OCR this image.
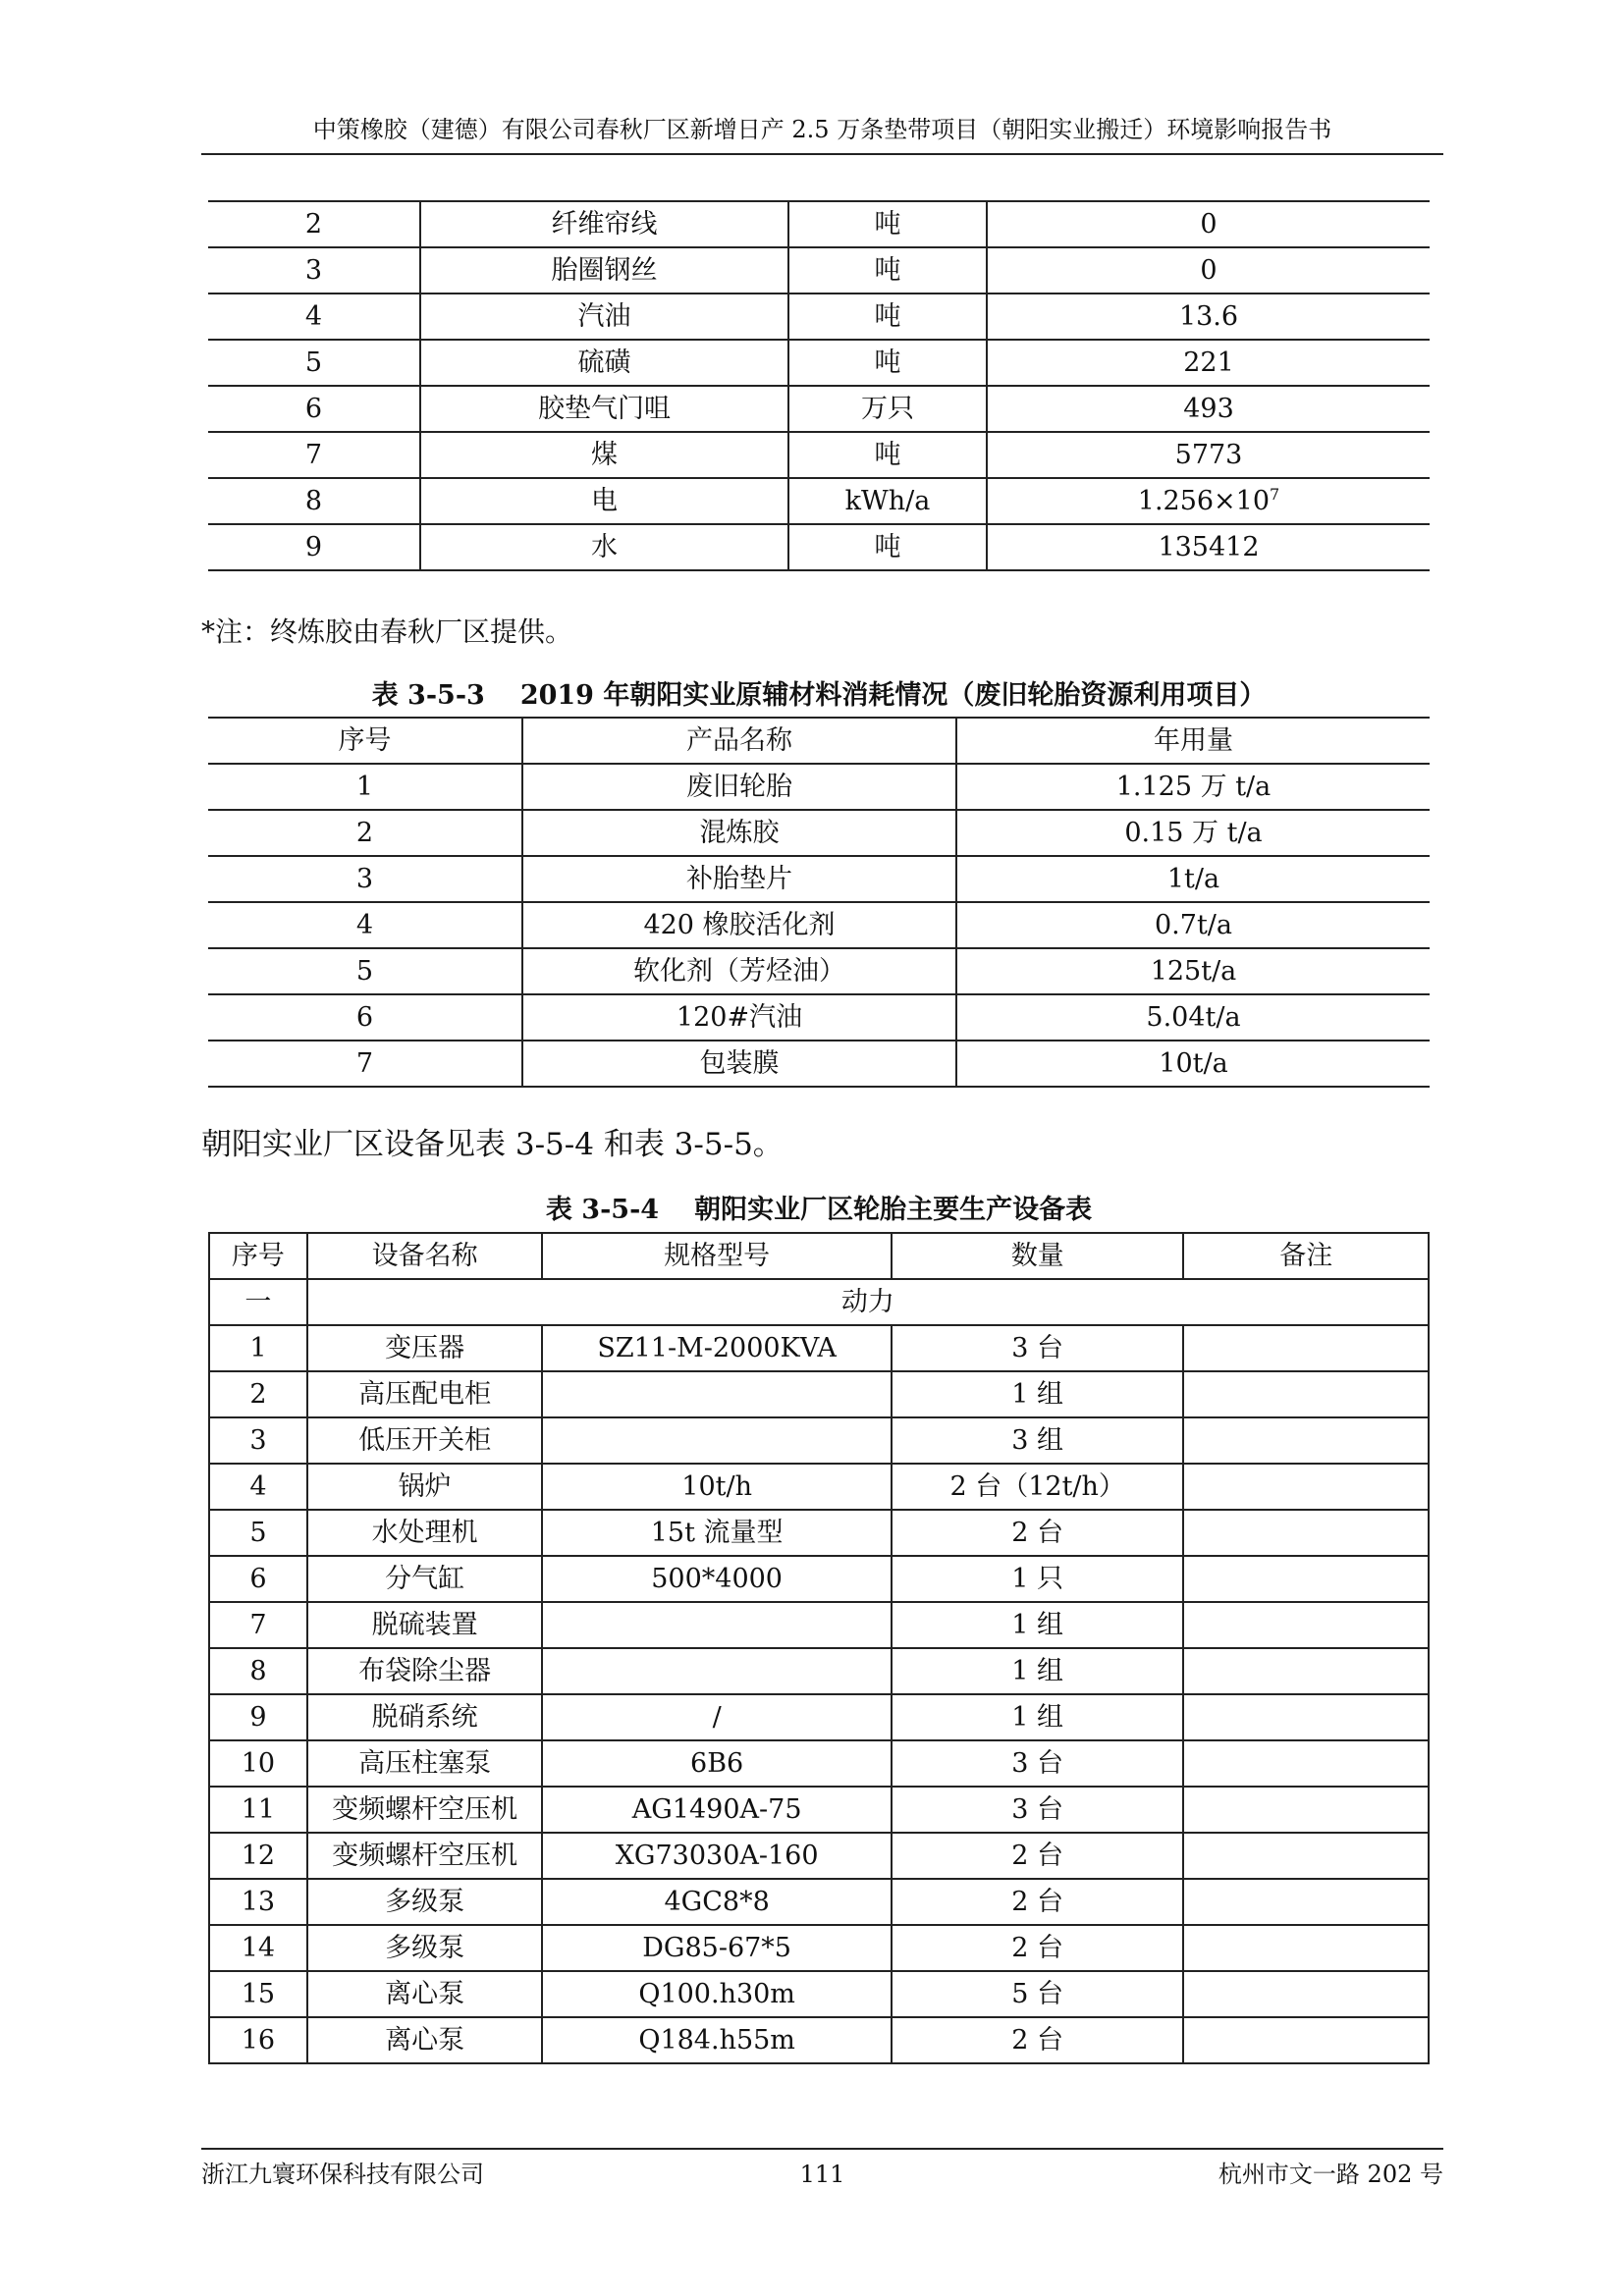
中策橡胶（建德）有限公司春秋厂区新增日产 2.5 万条垫带项目（朝阳实业搬迁）环境影响报告书
2	纤维帘线	吨	0
3	胎圈钢丝	吨	0
4	汽油	吨	13.6
5	硫磺	吨	221
6	胶垫气门咀	万只	493
7	煤	吨	5773
8	电	kWh/a	$1.256\times 10^7$
9	水	吨	135412
*注：终炼胶由春秋厂区提供。
表 3-5-3 2019 年朝阳实业原辅材料消耗情况（废旧轮胎资源利用项目）
序号	产品名称	年用量
1	废旧轮胎	1.125 万 t/a
2	混炼胶	0.15 万 t/a
3	补胎垫片	1t/a
4	420 橡胶活化剂	0.7t/a
5	软化剂（芳烃油）	125t/a
6	120#汽油	5.04t/a
7	包装膜	10t/a
朝阳实业厂区设备见表 3-5-4 和表 3-5-5。
表 3-5-4 朝阳实业厂区轮胎主要生产设备表
序号	设备名称	规格型号	数量	备注
一	动力			
1	变压器	SZ11-M-2000KVA	3 台	
2	高压配电柜		1 组	
3	低压开关柜		3 组	
4	锅炉	10t/h	2 台（12t/h）	
5	水处理机	15t 流量型	2 台	
6	分气缸	500*4000	1 只	
7	脱硫装置		1 组	
8	布袋除尘器		1 组	
9	脱硝系统	/	1 组	
10	高压柱塞泵	6B6	3 台	
11	变频螺杆空压机	AG1490A-75	3 台	
12	变频螺杆空压机	XG73030A-160	2 台	
13	多级泵	4GC8*8	2 台	
14	多级泵	DG85-67*5	2 台	
15	离心泵	Q100.h30m	5 台	
16	离心泵	Q184.h55m	2 台	
浙江九寰环保科技有限公司	111	杭州市文一路 202 号
